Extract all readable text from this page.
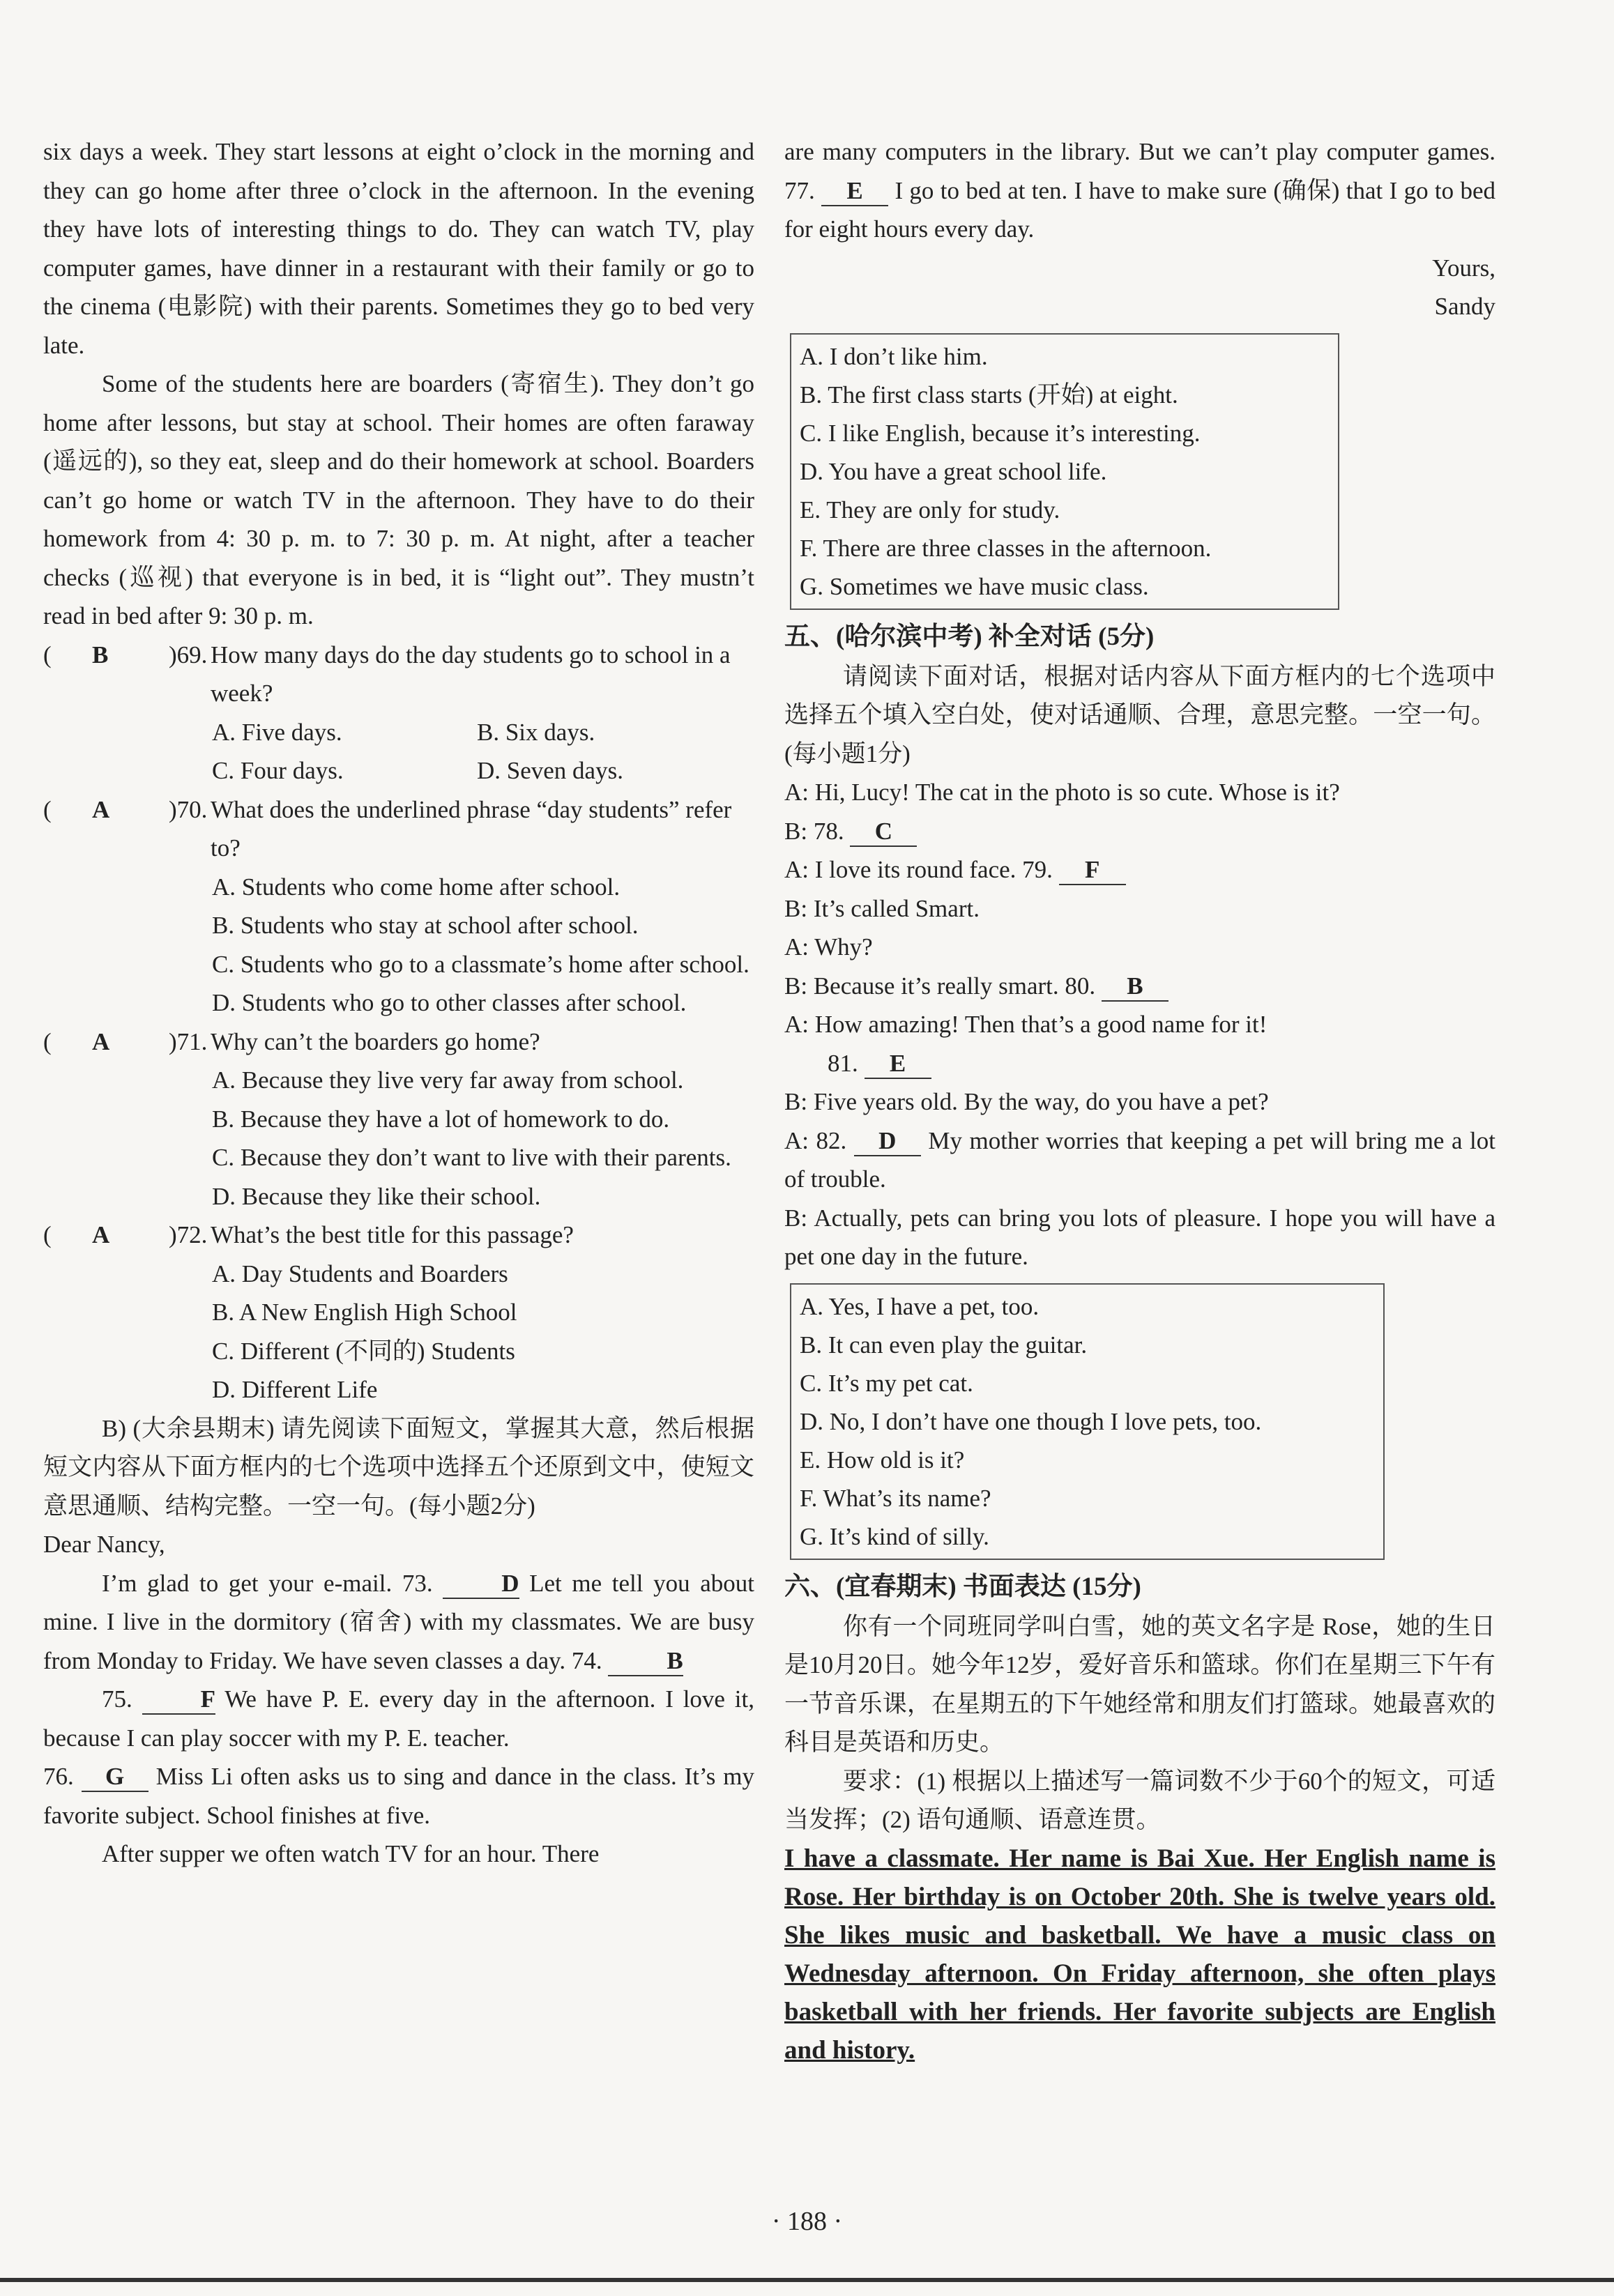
six days a week. They start lessons at eight o’clock in the morning and they can go home after three o’clock in the afternoon. In the evening they have lots of interesting things to do. They can watch TV, play computer games, have dinner in a restaurant with their family or go to the cinema (电影院) with their parents. Sometimes they go to bed very late.

Some of the students here are boarders (寄宿生). They don’t go home after lessons, but stay at school. Their homes are often faraway (遥远的), so they eat, sleep and do their homework at school. Boarders can’t go home or watch TV in the afternoon. They have to do their homework from 4: 30 p. m. to 7: 30 p. m. At night, after a teacher checks (巡视) that everyone is in bed, it is “light out”. They mustn’t read in bed after 9: 30 p. m.

( B )69. How many days do the day students go to school in a week?

A. Five days.	B. Six days.
C. Four days.	D. Seven days.

( A )70. What does the underlined phrase “day students” refer to?

A. Students who come home after school.

B. Students who stay at school after school.

C. Students who go to a classmate’s home after school.

D. Students who go to other classes after school.

( A )71. Why can’t the boarders go home?

A. Because they live very far away from school.

B. Because they have a lot of homework to do.

C. Because they don’t want to live with their parents.

D. Because they like their school.

( A )72. What’s the best title for this passage?

A. Day Students and Boarders

B. A New English High School

C. Different (不同的) Students

D. Different Life

B) (大余县期末) 请先阅读下面短文，掌握其大意，然后根据短文内容从下面方框内的七个选项中选择五个还原到文中，使短文意思通顺、结构完整。一空一句。(每小题2分)

Dear Nancy,

I’m glad to get your e-mail. 73.	D Let me tell you about mine. I live in the dormitory (宿舍) with my classmates. We are busy from Monday to Friday. We have seven classes a day. 74.	B

75.	F We have P. E. every day in the afternoon. I love it, because I can play soccer with my P. E. teacher.

76. G Miss Li often asks us to sing and dance in the class. It’s my favorite subject. School finishes at five.

After supper we often watch TV for an hour. There

are many computers in the library. But we can’t play computer games. 77. E I go to bed at ten. I have to make sure (确保) that I go to bed for eight hours every day.

Yours,

Sandy

A. I don’t like him.

B. The first class starts (开始) at eight.

C. I like English, because it’s interesting.

D. You have a great school life.

E. They are only for study.

F. There are three classes in the afternoon.

G. Sometimes we have music class.

五、(哈尔滨中考) 补全对话 (5分)

请阅读下面对话，根据对话内容从下面方框内的七个选项中选择五个填入空白处，使对话通顺、合理，意思完整。一空一句。(每小题1分)

A: Hi, Lucy! The cat in the photo is so cute. Whose is it?

B: 78. C

A: I love its round face. 79. F

B: It’s called Smart.

A: Why?

B: Because it’s really smart. 80. B

A: How amazing! Then that’s a good name for it!

81. E

B: Five years old. By the way, do you have a pet?

A: 82. D My mother worries that keeping a pet will bring me a lot of trouble.

B: Actually, pets can bring you lots of pleasure. I hope you will have a pet one day in the future.

A. Yes, I have a pet, too.

B. It can even play the guitar.

C. It’s my pet cat.

D. No, I don’t have one though I love pets, too.

E. How old is it?

F. What’s its name?

G. It’s kind of silly.

六、(宜春期末) 书面表达 (15分)

你有一个同班同学叫白雪，她的英文名字是 Rose，她的生日是10月20日。她今年12岁，爱好音乐和篮球。你们在星期三下午有一节音乐课，在星期五的下午她经常和朋友们打篮球。她最喜欢的科目是英语和历史。

要求：(1) 根据以上描述写一篇词数不少于60个的短文，可适当发挥；(2) 语句通顺、语意连贯。

I have a classmate. Her name is Bai Xue. Her English name is Rose. Her birthday is on October 20th. She is twelve years old. She likes music and basketball. We have a music class on Wednesday afternoon. On Friday afternoon, she often plays basketball with her friends. Her favorite subjects are English and history.

· 188 ·
